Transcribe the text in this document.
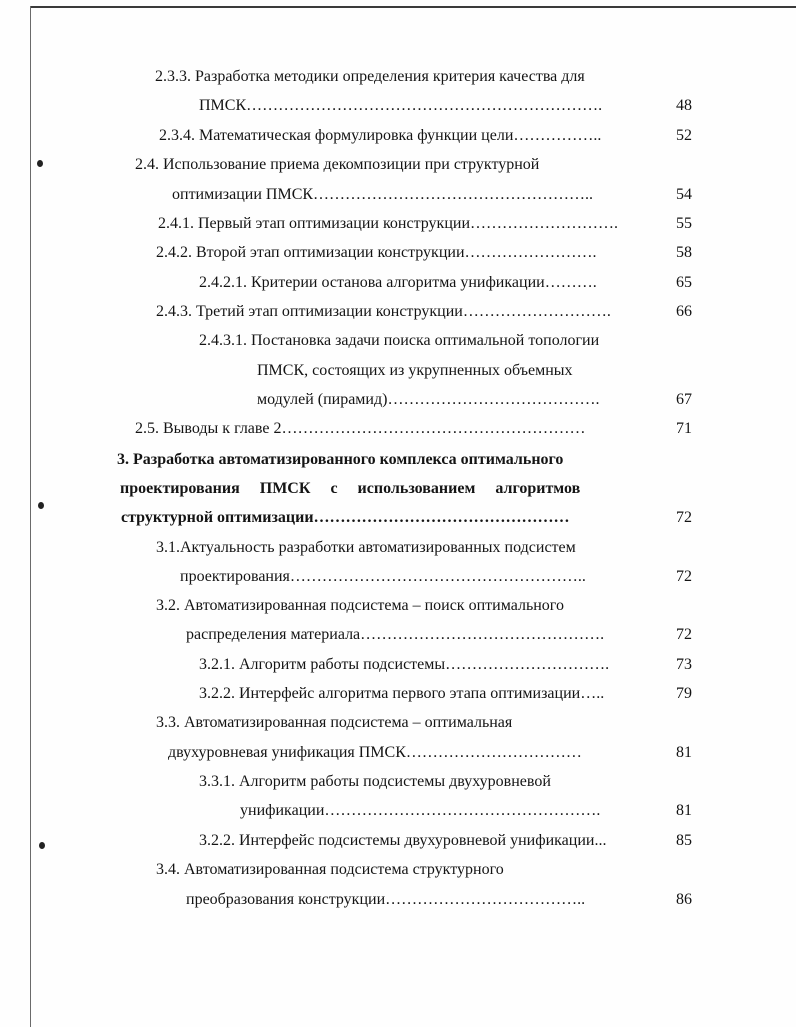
2.3.3. Разработка методики определения критерия качества для
ПМСК………………………………………………………….	48
2.3.4. Математическая формулировка функции цели……………..	52
2.4. Использование приема декомпозиции при структурной
оптимизации ПМСК……………………………………………..	54
2.4.1. Первый этап оптимизации конструкции……………………….	55
2.4.2. Второй этап оптимизации конструкции…………………….	58
2.4.2.1. Критерии останова алгоритма унификации……….	65
2.4.3. Третий этап оптимизации конструкции……………………….	66
2.4.3.1. Постановка задачи поиска оптимальной топологии
ПМСК, состоящих из укрупненных объемных
модулей (пирамид)………………………………….	67
2.5. Выводы к главе 2…………………………………………………	71
3. Разработка автоматизированного комплекса оптимального
проектирования     ПМСК     с     использованием     алгоритмов
структурной оптимизации…………………………………………	72
3.1.Актуальность разработки автоматизированных подсистем
проектирования………………………………………………..	72
3.2. Автоматизированная подсистема – поиск оптимального
распределения материала……………………………………….	72
3.2.1. Алгоритм работы подсистемы………………………….	73
3.2.2. Интерфейс алгоритма первого этапа оптимизации…..	79
3.3. Автоматизированная подсистема – оптимальная
двухуровневая унификация ПМСК……………………………	81
3.3.1. Алгоритм работы подсистемы двухуровневой
унификации…………………………………………….	81
3.2.2. Интерфейс подсистемы двухуровневой унификации...	85
3.4. Автоматизированная подсистема структурного
преобразования конструкции………………………………..	86
